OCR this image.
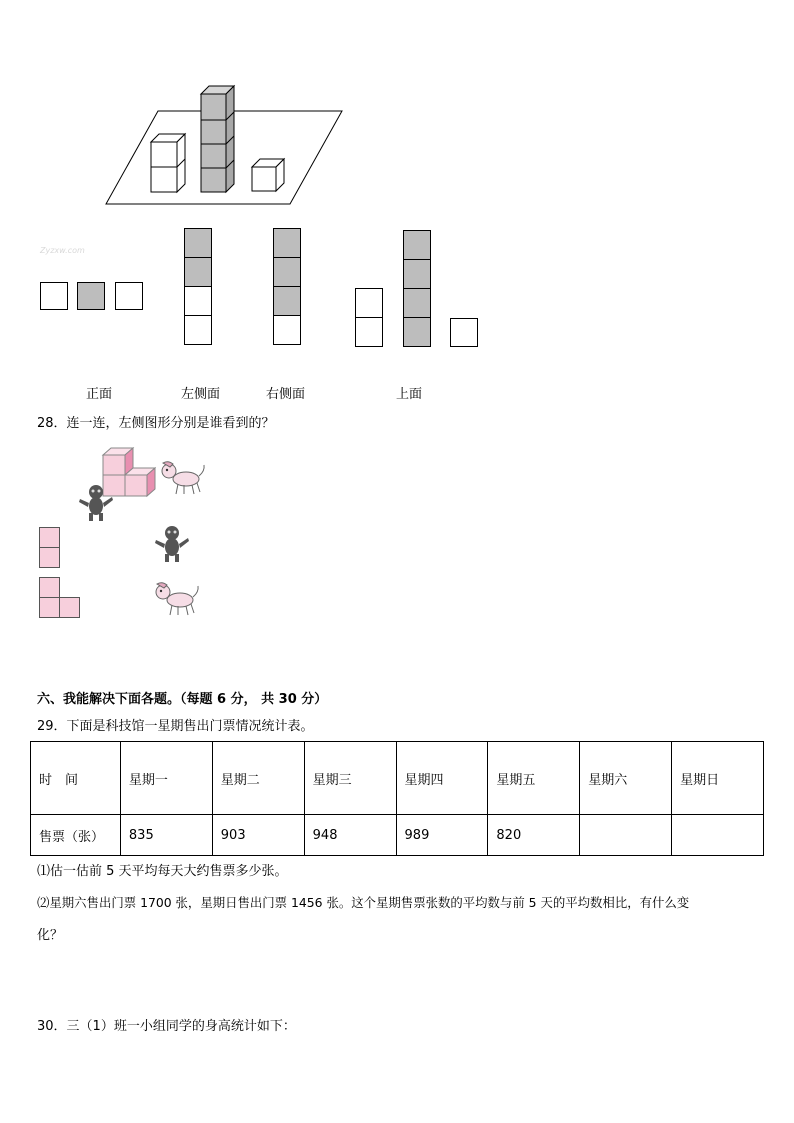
Zyzxw.com
正面	左侧面	右侧面	上面
28．连一连，左侧图形分别是谁看到的？
六、我能解决下面各题。（每题 6 分， 共 30 分）
29．下面是科技馆一星期售出门票情况统计表。
时　间	星期一	星期二	星期三	星期四	星期五	星期六	星期日
售票（张）	835	903	948	989	820		
⑴估一估前 5 天平均每天大约售票多少张。
⑵星期六售出门票 1700 张，星期日售出门票 1456 张。这个星期售票张数的平均数与前 5 天的平均数相比，有什么变
化？
30．三（1）班一小组同学的身高统计如下：
